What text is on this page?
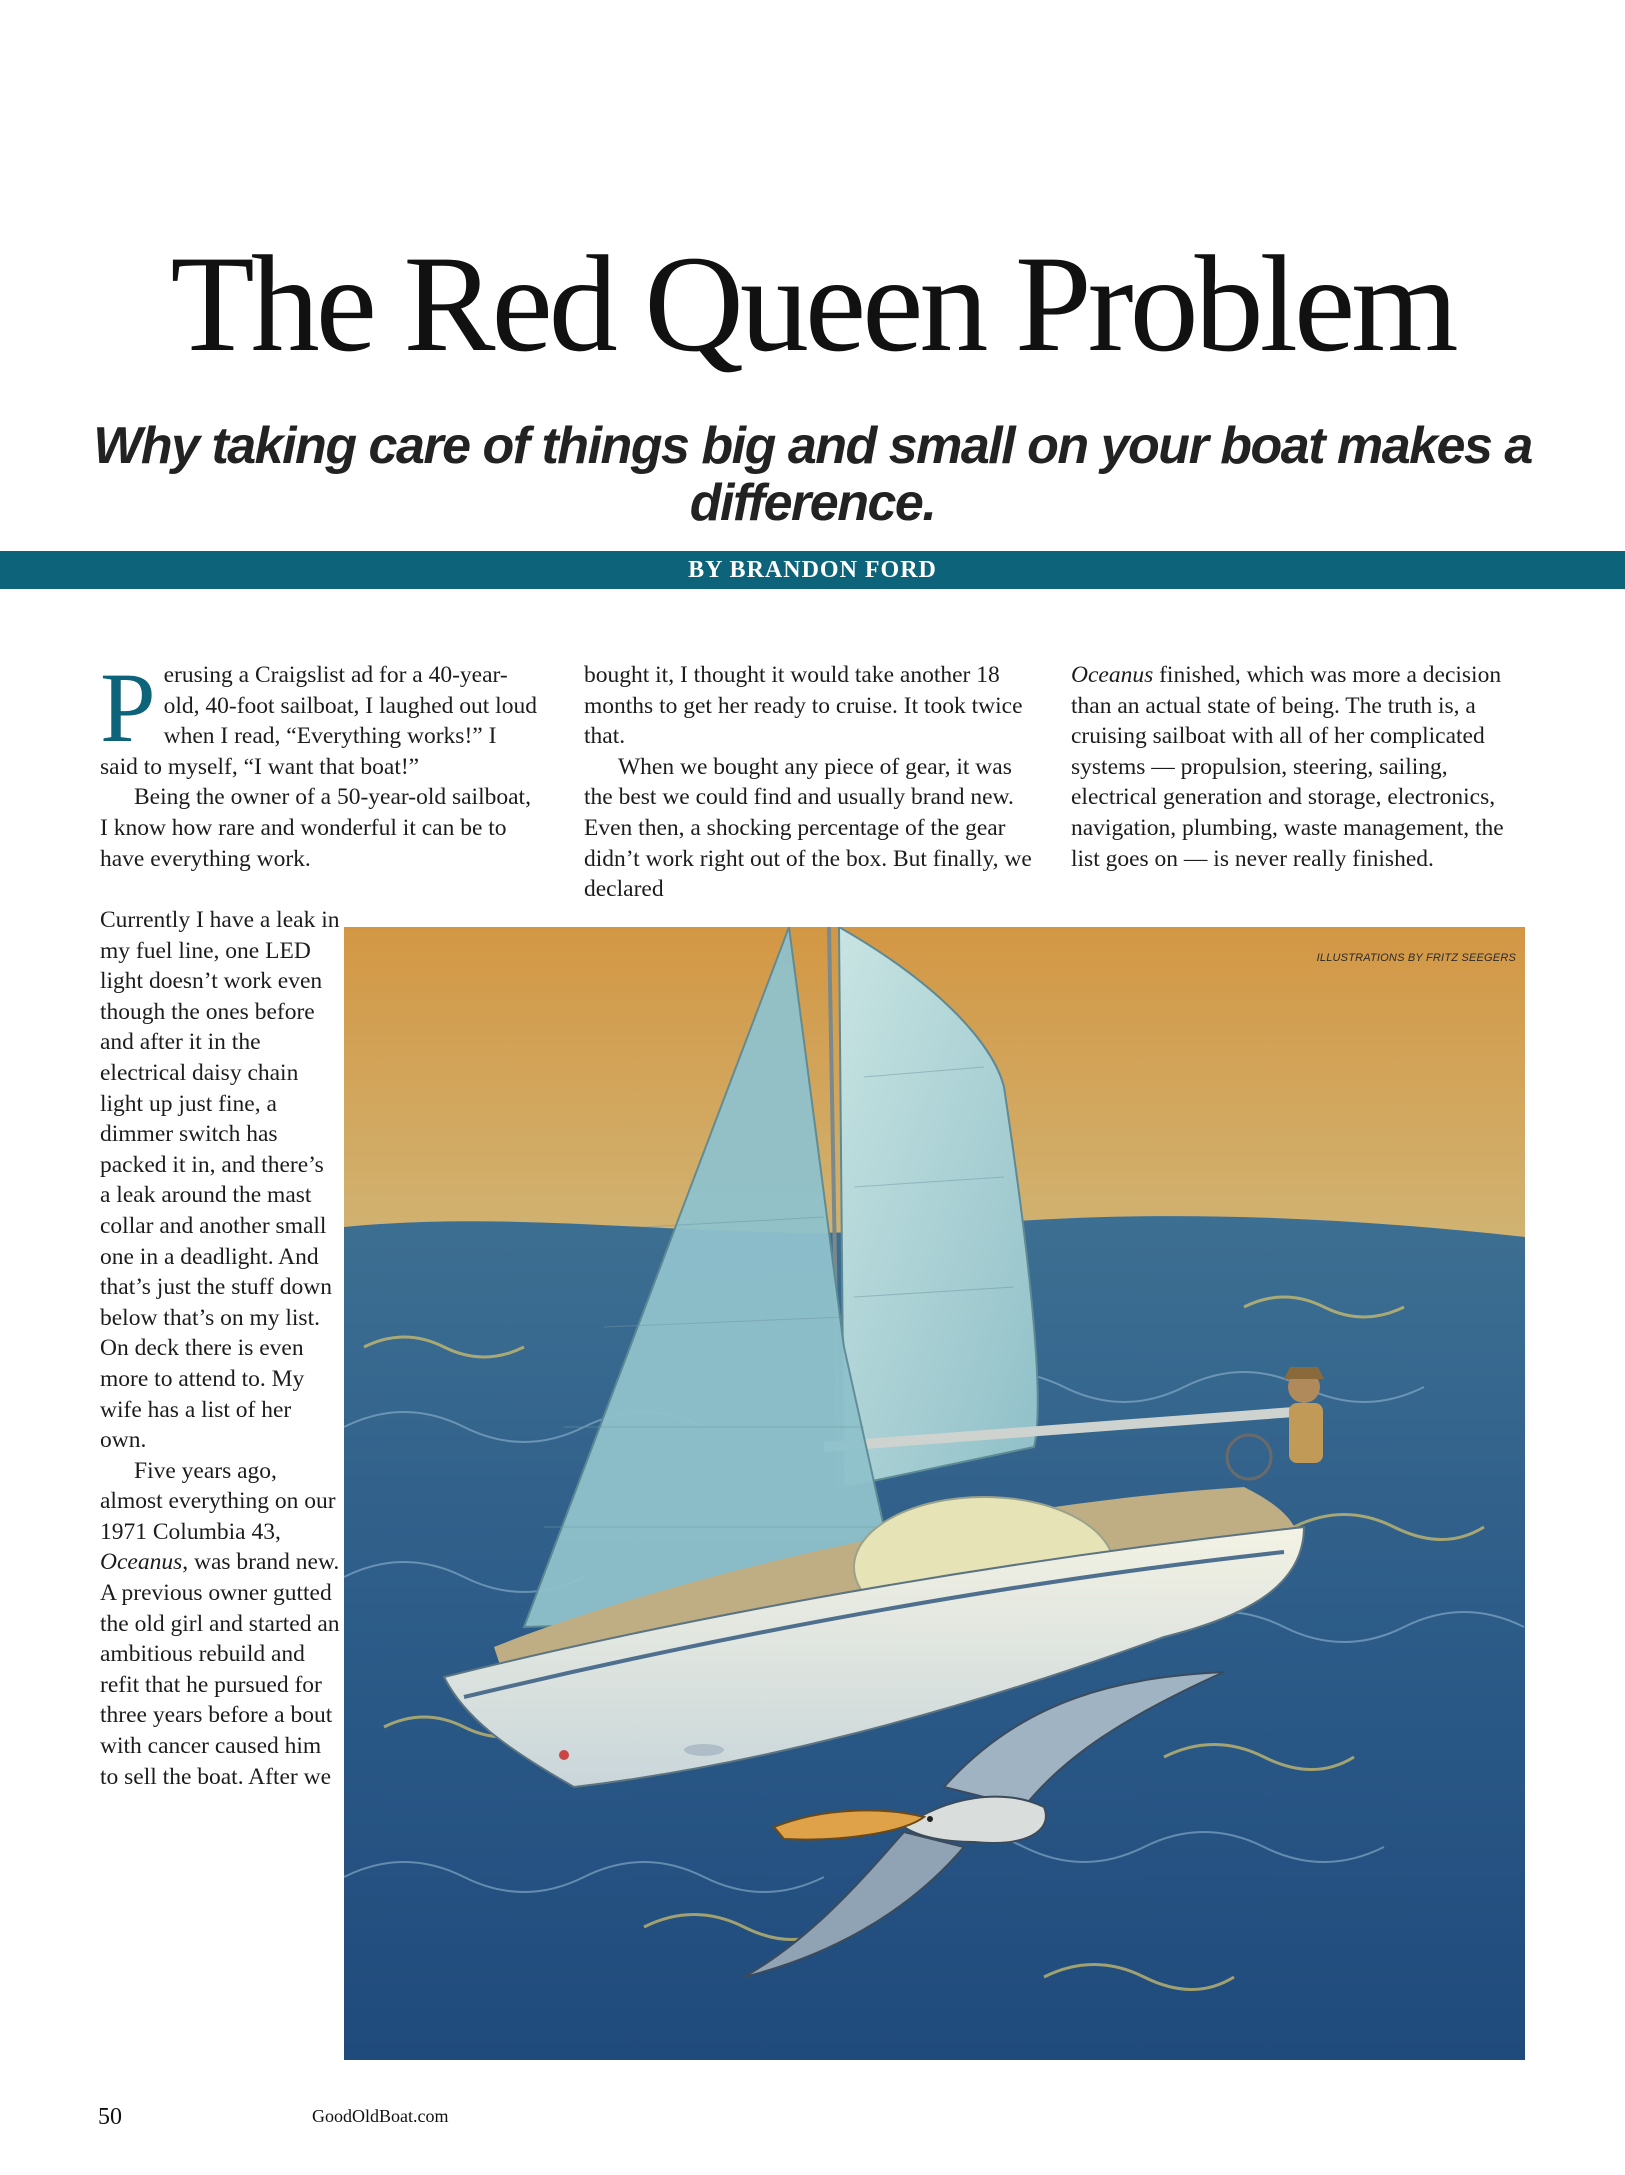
The Red Queen Problem
Why taking care of things big and small on your boat makes a difference.
BY BRANDON FORD

Perusing a Craigslist ad for a 40-year-old, 40-foot sailboat, I laughed out loud when I read, “Everything works!” I said to myself, “I want that boat!”

Being the owner of a 50-year-old sailboat, I know how rare and wonderful it can be to have everything work.

Currently I have a leak in my fuel line, one LED light doesn’t work even though the ones before and after it in the electrical daisy chain light up just fine, a dimmer switch has packed it in, and there’s a leak around the mast collar and another small one in a deadlight. And that’s just the stuff down below that’s on my list. On deck there is even more to attend to. My wife has a list of her own.

Five years ago, almost everything on our 1971 Columbia 43, Oceanus, was brand new. A previous owner gutted the old girl and started an ambitious rebuild and refit that he pursued for three years before a bout with cancer caused him to sell the boat. After we

bought it, I thought it would take another 18 months to get her ready to cruise. It took twice that.

When we bought any piece of gear, it was the best we could find and usually brand new. Even then, a shocking percentage of the gear didn’t work right out of the box. But finally, we declared

Oceanus finished, which was more a decision than an actual state of being. The truth is, a cruising sailboat with all of her complicated systems — propulsion, steering, sailing, electrical generation and storage, electronics, navigation, plumbing, waste management, the list goes on — is never really finished.

ILLUSTRATIONS BY FRITZ SEEGERS
50	GoodOldBoat.com
